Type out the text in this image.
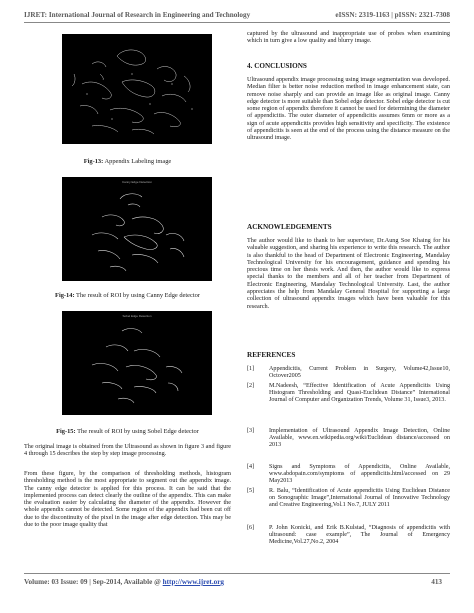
IJRET: International Journal of Research in Engineering and Technology	eISSN: 2319-1163 | pISSN: 2321-7308
Fig-13: Appendix Labeling image
Canny Edge Detection
Fig-14: The result of ROI by using Canny Edge detector
Sobel Edge Detection
Fig-15: The result of ROI by using Sobel Edge detector

The original image is obtained from the Ultrasound as shown in figure 3 and figure 4 through 15 describes the step by step image processing.

From these figure, by the comparison of thresholding methods, histogram thresholding method is the most appropriate to segment out the appendix image. The canny edge detector is applied for this process. It can be said that the implemented process can detect clearly the outline of the appendix. This can make the evaluation easier by calculating the diameter of the appendix. However the whole appendix cannot be detected. Some region of the appendix had been cut off due to the discontinuity of the pixel in the image after edge detection. This may be due to the poor image quality that

captured by the ultrasound and inappropriate use of probes when examining which in turn give a low quality and blurry image.

4. CONCLUSIONS

Ultrasound appendix image processing using image segmentation was developed. Median filter is better noise reduction method in image enhancement state, can remove noise sharply and can provide an image like as original image. Canny edge detector is more suitable than Sobel edge detector. Sobel edge detector is cut some region of appendix therefore it cannot be used for determining the diameter of appendicitis. The outer diameter of appendicitis assumes 6mm or more as a sign of acute appendicitis provides high sensitivity and specificity. The existence of appendicitis is seen at the end of the process using the distance measure on the ultrasound image.

ACKNOWLEDGEMENTS

The author would like to thank to her supervisor, Dr.Aung Soe Khaing for his valuable suggestion, and sharing his experience to write this research. The author is also thankful to the head of Department of Electronic Engineering, Mandalay Technological University for his encouragement, guidance and spending his precious time on her thesis work. And then, the author would like to express special thanks to the members and all of her teacher from Department of Electronic Engineering, Mandalay Technological University. Last, the author appreciates the help from Mandalay General Hospital for supporting a large collection of ultrasound appendix images which have been valuable for this research.

REFERENCES
[1] Appendicitis, Current Problem in Surgery, Volume42,Issue10, Octover2005
[2] M.Nadeesh, “Effective Identification of Acute Appendicitis Using Histogram Thresholding and Quasi-Euclidean Distance” International Journal of Computer and Organization Trends, Volume 31, Issue3, 2013.
[3] Implementation of Ultrasound Appendix Image Detection, Online Available, www.en.wikipedia.org/wiki/Euclidean distance/accessed on 2013
[4] Signs and Symptoms of Appendicitis, Online Available, www.abdopain.com/symptoms of appendicitis.html/accessed on 29 May2013
[5] R. Balu, “Identification of Acute appendicitis Using Euclidean Distance on Sonographic Image”,International Journal of Innovative Technology and Creative Engineering,Vol.1 No.7, JULY 2011
[6] P. John Konicki, and Erik B.Kulstad, “Diagnosis of appendicitis with ultrasound: case example”, The Journal of Emergency Medicine,Vol.27,No.2, 2004
Volume: 03 Issue: 09 | Sep-2014, Available @ http://www.ijret.org	413
